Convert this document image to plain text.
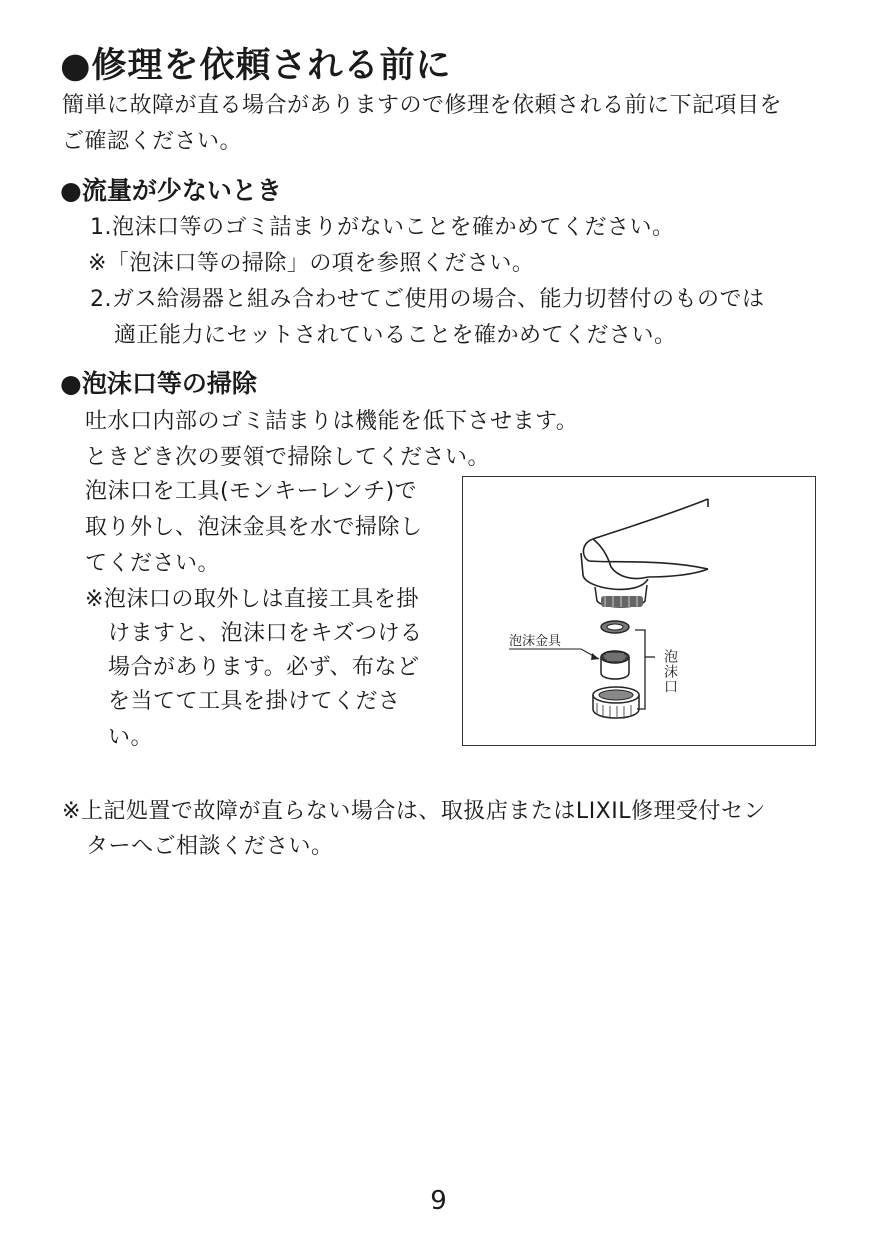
●修理を依頼される前に
簡単に故障が直る場合がありますので修理を依頼される前に下記項目を
ご確認ください。
●流量が少ないとき
1.泡沫口等のゴミ詰まりがないことを確かめてください。
※「泡沫口等の掃除」の項を参照ください。
2.ガス給湯器と組み合わせてご使用の場合、能力切替付のものでは
適正能力にセットされていることを確かめてください。
●泡沫口等の掃除
吐水口内部のゴミ詰まりは機能を低下させます。
ときどき次の要領で掃除してください。
泡沫口を工具(モンキーレンチ)で
取り外し、泡沫金具を水で掃除し
てください。
※泡沫口の取外しは直接工具を掛
けますと、泡沫口をキズつける
場合があります。必ず、布など
を当てて工具を掛けてくださ
い。
泡沫金具
泡沫口
※上記処置で故障が直らない場合は、取扱店またはLIXIL修理受付セン
ターへご相談ください。
9
